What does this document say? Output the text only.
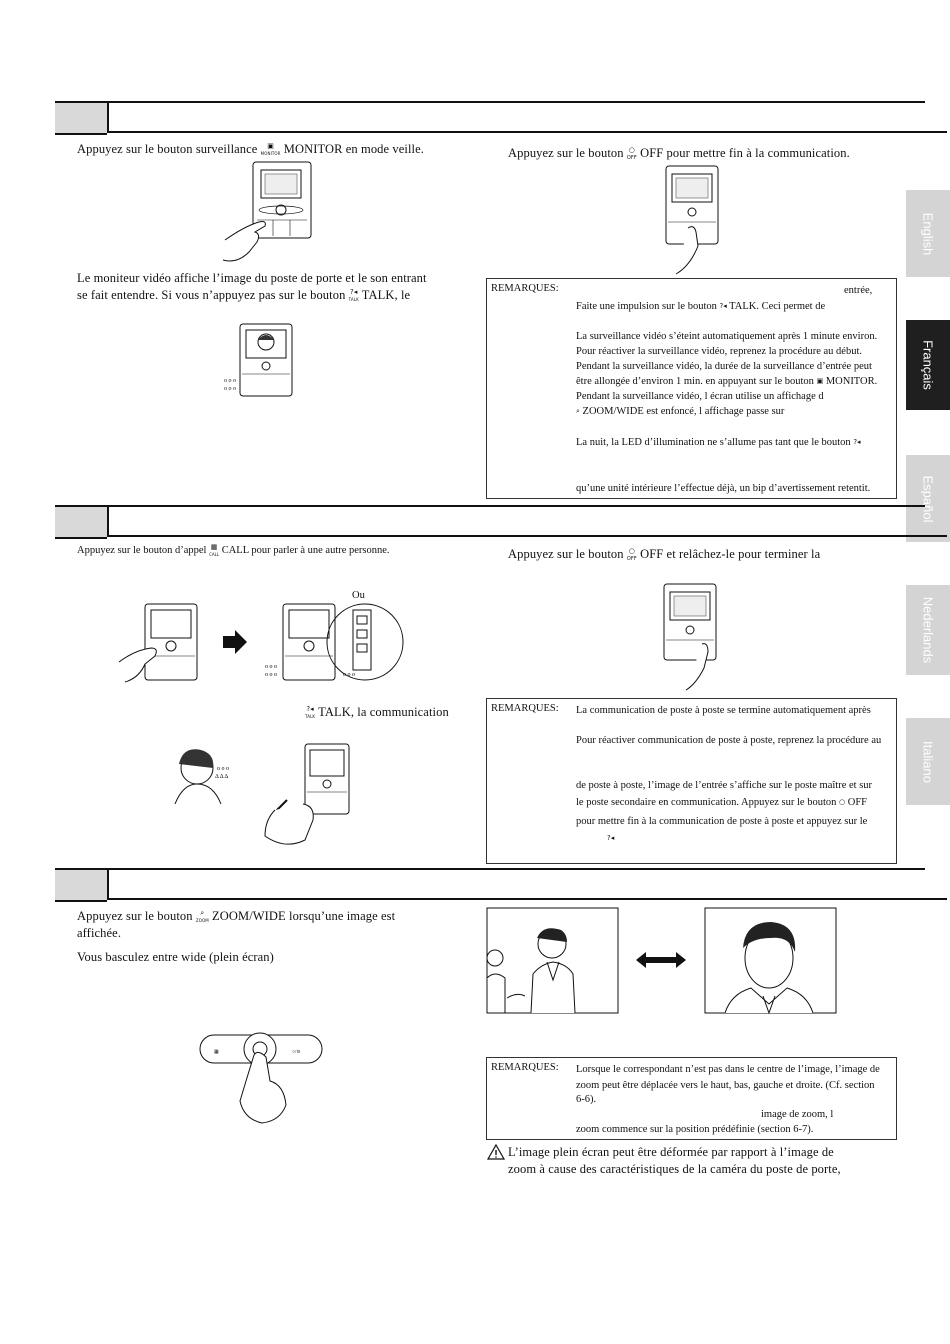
English
Français
Español
Nederlands
Italiano
Appuyez sur le bouton surveillance ▣
MONITOR MONITOR en mode veille.
Le moniteur vidéo affiche l’image du poste de porte et le son entrant
se fait entendre. Si vous n’appuyez pas sur le bouton ?◂
TALK TALK, le
o o o
o o o
Appuyez sur le bouton ○
OFF OFF pour mettre fin à la communication.
REMARQUES:	entrée,
Faite une impulsion sur le bouton ?◂ TALK. Ceci permet de
La surveillance vidéo s’éteint automatiquement après 1 minute environ.
Pour réactiver la surveillance vidéo, reprenez la procédure au début.
Pendant la surveillance vidéo, la durée de la surveillance d’entrée peut
être allongée d’environ 1 min. en appuyant sur le bouton ▣ MONITOR.
Pendant la surveillance vidéo, l écran utilise un affichage d
⌕ ZOOM/WIDE est enfoncé, l affichage passe sur
La nuit, la LED d’illumination ne s’allume pas tant que le bouton ?◂
qu’une unité intérieure l’effectue déjà, un bip d’avertissement retentit.
Appuyez sur le bouton d’appel ▦
CALL CALL pour parler à une autre personne.
Ou
o o o
o o o	o o o
?◂
TALK TALK, la communication
o o o
Δ Δ Δ
Appuyez sur le bouton ○
OFF OFF et relâchez-le pour terminer la
REMARQUES: La communication de poste à poste se termine automatiquement après
Pour réactiver communication de poste à poste, reprenez la procédure au
de poste à poste, l’image de l’entrée s’affiche sur le poste maître et sur
le poste secondaire en communication. Appuyez sur le bouton ○ OFF
pour mettre fin à la communication de poste à poste et appuyez sur le
?◂
Appuyez sur le bouton ⌕
ZOOM ZOOM/WIDE lorsqu’une image est
affichée.
Vous basculez entre wide (plein écran)
▦	○/⊙
REMARQUES: Lorsque le correspondant n’est pas dans le centre de l’image, l’image de
zoom peut être déplacée vers le haut, bas, gauche et droite. (Cf. section
6-6).
image de zoom, l
zoom commence sur la position prédéfinie (section 6-7).
L’image plein écran peut être déformée par rapport à l’image de
zoom à cause des caractéristiques de la caméra du poste de porte,
